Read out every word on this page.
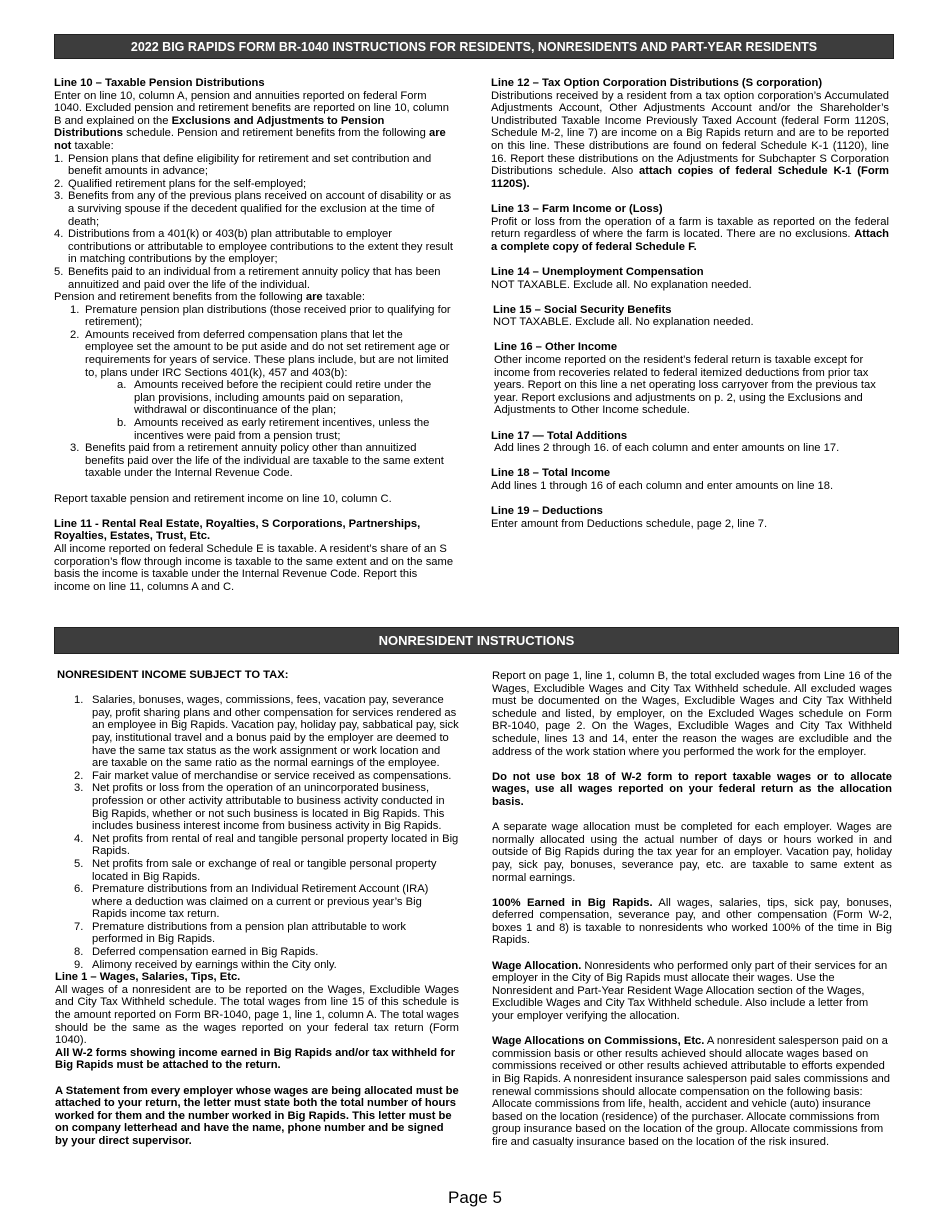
2022 BIG RAPIDS FORM BR-1040 INSTRUCTIONS FOR RESIDENTS, NONRESIDENTS AND PART-YEAR RESIDENTS

Line 10 – Taxable Pension Distributions

Enter on line 10, column A, pension and annuities reported on federal Form 1040. Excluded pension and retirement benefits are reported on line 10, column B and explained on the Exclusions and Adjustments to Pension Distributions schedule. Pension and retirement benefits from the following are not taxable:

1. Pension plans that define eligibility for retirement and set contribution and benefit amounts in advance;
2. Qualified retirement plans for the self-employed;
3. Benefits from any of the previous plans received on account of disability or as a surviving spouse if the decedent qualified for the exclusion at the time of death;
4. Distributions from a 401(k) or 403(b) plan attributable to employer contributions or attributable to employee contributions to the extent they result in matching contributions by the employer;
5. Benefits paid to an individual from a retirement annuity policy that has been annuitized and paid over the life of the individual.

Pension and retirement benefits from the following are taxable:

1. Premature pension plan distributions (those received prior to qualifying for retirement);
2. Amounts received from deferred compensation plans that let the employee set the amount to be put aside and do not set retirement age or requirements for years of service. These plans include, but are not limited to, plans under IRC Sections 401(k), 457 and 403(b):
a. Amounts received before the recipient could retire under the plan provisions, including amounts paid on separation, withdrawal or discontinuance of the plan;
b. Amounts received as early retirement incentives, unless the incentives were paid from a pension trust;
3. Benefits paid from a retirement annuity policy other than annuitized benefits paid over the life of the individual are taxable to the same extent taxable under the Internal Revenue Code.

Report taxable pension and retirement income on line 10, column C.

Line 11 - Rental Real Estate, Royalties, S Corporations, Partnerships, Royalties, Estates, Trust, Etc.

All income reported on federal Schedule E is taxable. A resident’s share of an S corporation’s flow through income is taxable to the same extent and on the same basis the income is taxable under the Internal Revenue Code. Report this income on line 11, columns A and C.

Line 12 – Tax Option Corporation Distributions (S corporation)

Distributions received by a resident from a tax option corporation’s Accumulated Adjustments Account, Other Adjustments Account and/or the Shareholder’s Undistributed Taxable Income Previously Taxed Account (federal Form 1120S, Schedule M-2, line 7) are income on a Big Rapids return and are to be reported on this line. These distributions are found on federal Schedule K-1 (1120), line 16. Report these distributions on the Adjustments for Subchapter S Corporation Distributions schedule. Also attach copies of federal Schedule K-1 (Form 1120S).

Line 13 – Farm Income or (Loss)

Profit or loss from the operation of a farm is taxable as reported on the federal return regardless of where the farm is located. There are no exclusions. Attach a complete copy of federal Schedule F.

Line 14 – Unemployment Compensation

NOT TAXABLE. Exclude all. No explanation needed.

Line 15 – Social Security Benefits

NOT TAXABLE. Exclude all. No explanation needed.

Line 16 – Other Income

Other income reported on the resident’s federal return is taxable except for income from recoveries related to federal itemized deductions from prior tax years. Report on this line a net operating loss carryover from the previous tax year. Report exclusions and adjustments on p. 2, using the Exclusions and Adjustments to Other Income schedule.

Line 17 — Total Additions

Add lines 2 through 16. of each column and enter amounts on line 17.

Line 18 – Total Income

Add lines 1 through 16 of each column and enter amounts on line 18.

Line 19 – Deductions

Enter amount from Deductions schedule, page 2, line 7.

NONRESIDENT INSTRUCTIONS

NONRESIDENT INCOME SUBJECT TO TAX:

1. Salaries, bonuses, wages, commissions, fees, vacation pay, severance pay, profit sharing plans and other compensation for services rendered as an employee in Big Rapids. Vacation pay, holiday pay, sabbatical pay, sick pay, institutional travel and a bonus paid by the employer are deemed to have the same tax status as the work assignment or work location and are taxable on the same ratio as the normal earnings of the employee.
2. Fair market value of merchandise or service received as compensations.
3. Net profits or loss from the operation of an unincorporated business, profession or other activity attributable to business activity conducted in Big Rapids, whether or not such business is located in Big Rapids. This includes business interest income from business activity in Big Rapids.
4. Net profits from rental of real and tangible personal property located in Big Rapids.
5. Net profits from sale or exchange of real or tangible personal property located in Big Rapids.
6. Premature distributions from an Individual Retirement Account (IRA) where a deduction was claimed on a current or previous year’s Big Rapids income tax return.
7. Premature distributions from a pension plan attributable to work performed in Big Rapids.
8. Deferred compensation earned in Big Rapids.
9. Alimony received by earnings within the City only.

Line 1 – Wages, Salaries, Tips, Etc.

All wages of a nonresident are to be reported on the Wages, Excludible Wages and City Tax Withheld schedule. The total wages from line 15 of this schedule is the amount reported on Form BR-1040, page 1, line 1, column A. The total wages should be the same as the wages reported on your federal tax return (Form 1040).

All W-2 forms showing income earned in Big Rapids and/or tax withheld for Big Rapids must be attached to the return.

A Statement from every employer whose wages are being allocated must be attached to your return, the letter must state both the total number of hours worked for them and the number worked in Big Rapids. This letter must be on company letterhead and have the name, phone number and be signed by your direct supervisor.

Report on page 1, line 1, column B, the total excluded wages from Line 16 of the Wages, Excludible Wages and City Tax Withheld schedule. All excluded wages must be documented on the Wages, Excludible Wages and City Tax Withheld schedule and listed, by employer, on the Excluded Wages schedule on Form BR-1040, page 2. On the Wages, Excludible Wages and City Tax Withheld schedule, lines 13 and 14, enter the reason the wages are excludible and the address of the work station where you performed the work for the employer.

Do not use box 18 of W-2 form to report taxable wages or to allocate wages, use all wages reported on your federal return as the allocation basis.

A separate wage allocation must be completed for each employer. Wages are normally allocated using the actual number of days or hours worked in and outside of Big Rapids during the tax year for an employer. Vacation pay, holiday pay, sick pay, bonuses, severance pay, etc. are taxable to same extent as normal earnings.

100% Earned in Big Rapids. All wages, salaries, tips, sick pay, bonuses, deferred compensation, severance pay, and other compensation (Form W-2, boxes 1 and 8) is taxable to nonresidents who worked 100% of the time in Big Rapids.

Wage Allocation. Nonresidents who performed only part of their services for an employer in the City of Big Rapids must allocate their wages. Use the Nonresident and Part-Year Resident Wage Allocation section of the Wages, Excludible Wages and City Tax Withheld schedule. Also include a letter from your employer verifying the allocation.

Wage Allocations on Commissions, Etc. A nonresident salesperson paid on a commission basis or other results achieved should allocate wages based on commissions received or other results achieved attributable to efforts expended in Big Rapids. A nonresident insurance salesperson paid sales commissions and renewal commissions should allocate compensation on the following basis: Allocate commissions from life, health, accident and vehicle (auto) insurance based on the location (residence) of the purchaser. Allocate commissions from group insurance based on the location of the group. Allocate commissions from fire and casualty insurance based on the location of the risk insured.

Page 5
